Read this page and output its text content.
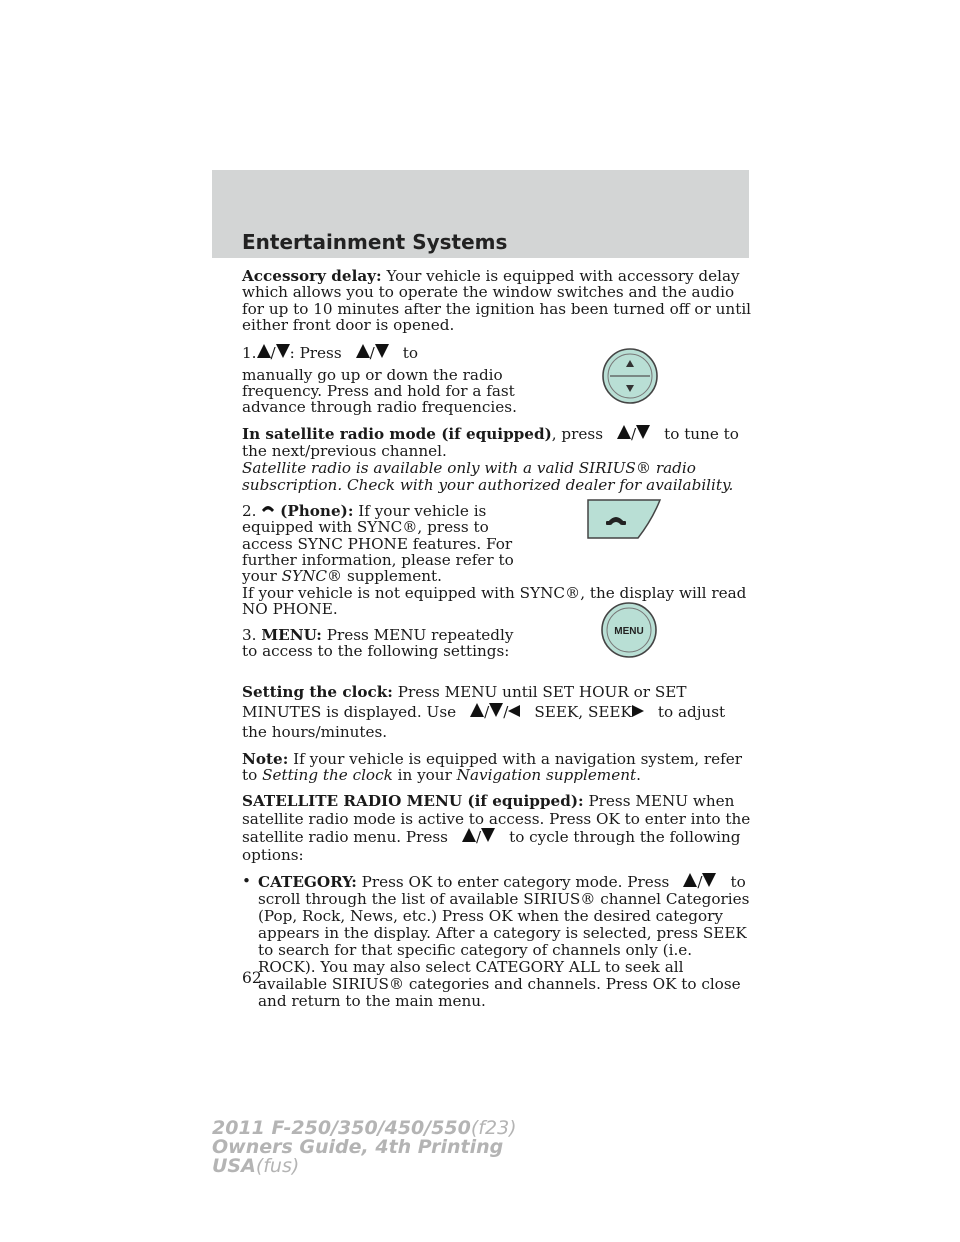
Entertainment Systems
MENU

Accessory delay: Your vehicle is equipped with accessory delay which allows you to operate the window switches and the audio for up to 10 minutes after the ignition has been turned off or until either front door is opened.

1. / : Press / to
manually go up or down the radio frequency. Press and hold for a fast advance through radio frequencies.

In satellite radio mode (if equipped), press / to tune to the next/previous channel.
Satellite radio is available only with a valid SIRIUS® radio subscription. Check with your authorized dealer for availability.

2. (Phone): If your vehicle is equipped with SYNC®, press to access SYNC PHONE features. For further information, please refer to your SYNC® supplement.
If your vehicle is not equipped with SYNC®, the display will read NO PHONE.

3. MENU: Press MENU repeatedly to access to the following settings:

Setting the clock: Press MENU until SET HOUR or SET MINUTES is displayed. Use / / SEEK, SEEK to adjust the hours/minutes.

Note: If your vehicle is equipped with a navigation system, refer to Setting the clock in your Navigation supplement.

SATELLITE RADIO MENU (if equipped): Press MENU when satellite radio mode is active to access. Press OK to enter into the satellite radio menu. Press / to cycle through the following options:

• CATEGORY: Press OK to enter category mode. Press / to scroll through the list of available SIRIUS® channel Categories (Pop, Rock, News, etc.) Press OK when the desired category appears in the display. After a category is selected, press SEEK to search for that specific category of channels only (i.e. ROCK). You may also select CATEGORY ALL to seek all available SIRIUS® categories and channels. Press OK to close and return to the main menu.
62
2011 F-250/350/450/550(f23)
Owners Guide, 4th Printing
USA(fus)
